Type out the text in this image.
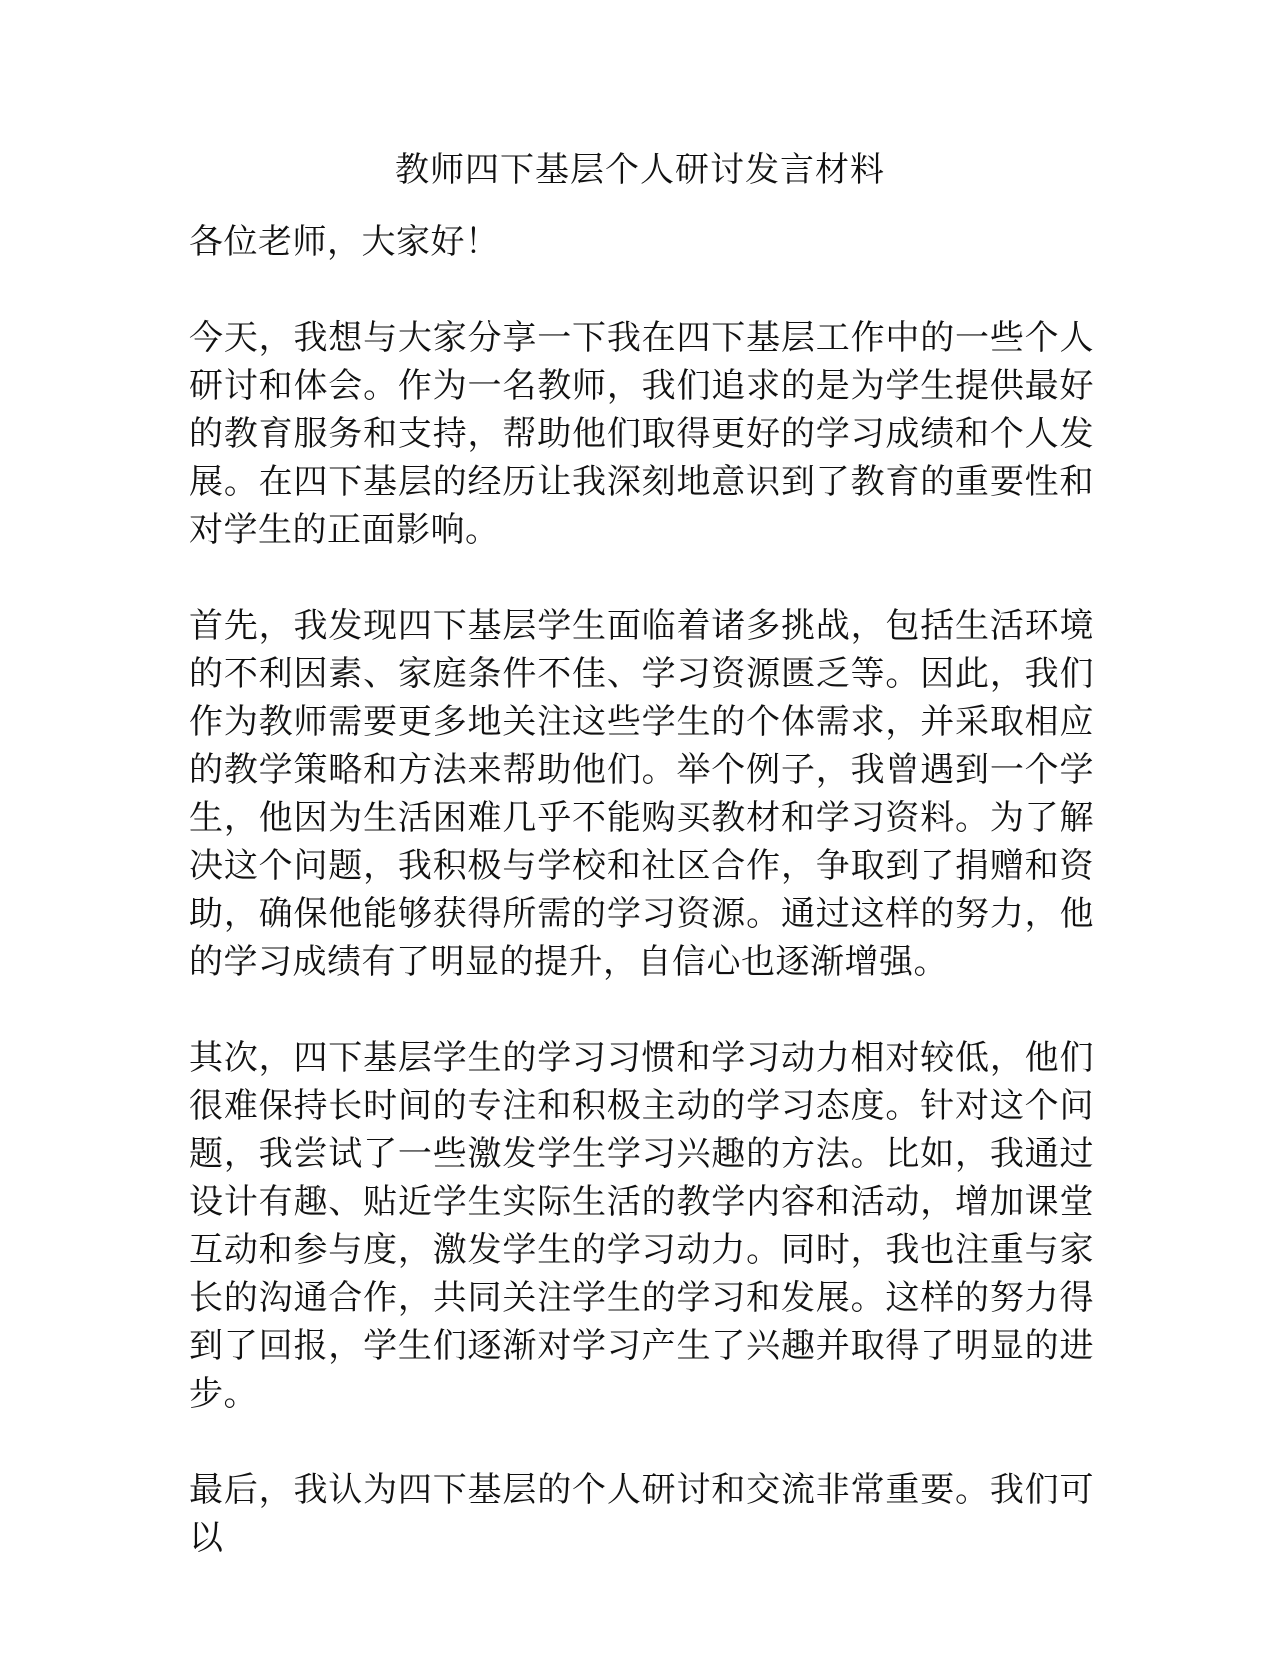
教师四下基层个人研讨发言材料

各位老师，大家好！

今天，我想与大家分享一下我在四下基层工作中的一些个人研讨和体会。作为一名教师，我们追求的是为学生提供最好的教育服务和支持，帮助他们取得更好的学习成绩和个人发展。在四下基层的经历让我深刻地意识到了教育的重要性和对学生的正面影响。

首先，我发现四下基层学生面临着诸多挑战，包括生活环境的不利因素、家庭条件不佳、学习资源匮乏等。因此，我们作为教师需要更多地关注这些学生的个体需求，并采取相应的教学策略和方法来帮助他们。举个例子，我曾遇到一个学生，他因为生活困难几乎不能购买教材和学习资料。为了解决这个问题，我积极与学校和社区合作，争取到了捐赠和资助，确保他能够获得所需的学习资源。通过这样的努力，他的学习成绩有了明显的提升，自信心也逐渐增强。

其次，四下基层学生的学习习惯和学习动力相对较低，他们很难保持长时间的专注和积极主动的学习态度。针对这个问题，我尝试了一些激发学生学习兴趣的方法。比如，我通过设计有趣、贴近学生实际生活的教学内容和活动，增加课堂互动和参与度，激发学生的学习动力。同时，我也注重与家长的沟通合作，共同关注学生的学习和发展。这样的努力得到了回报，学生们逐渐对学习产生了兴趣并取得了明显的进步。

最后，我认为四下基层的个人研讨和交流非常重要。我们可以
